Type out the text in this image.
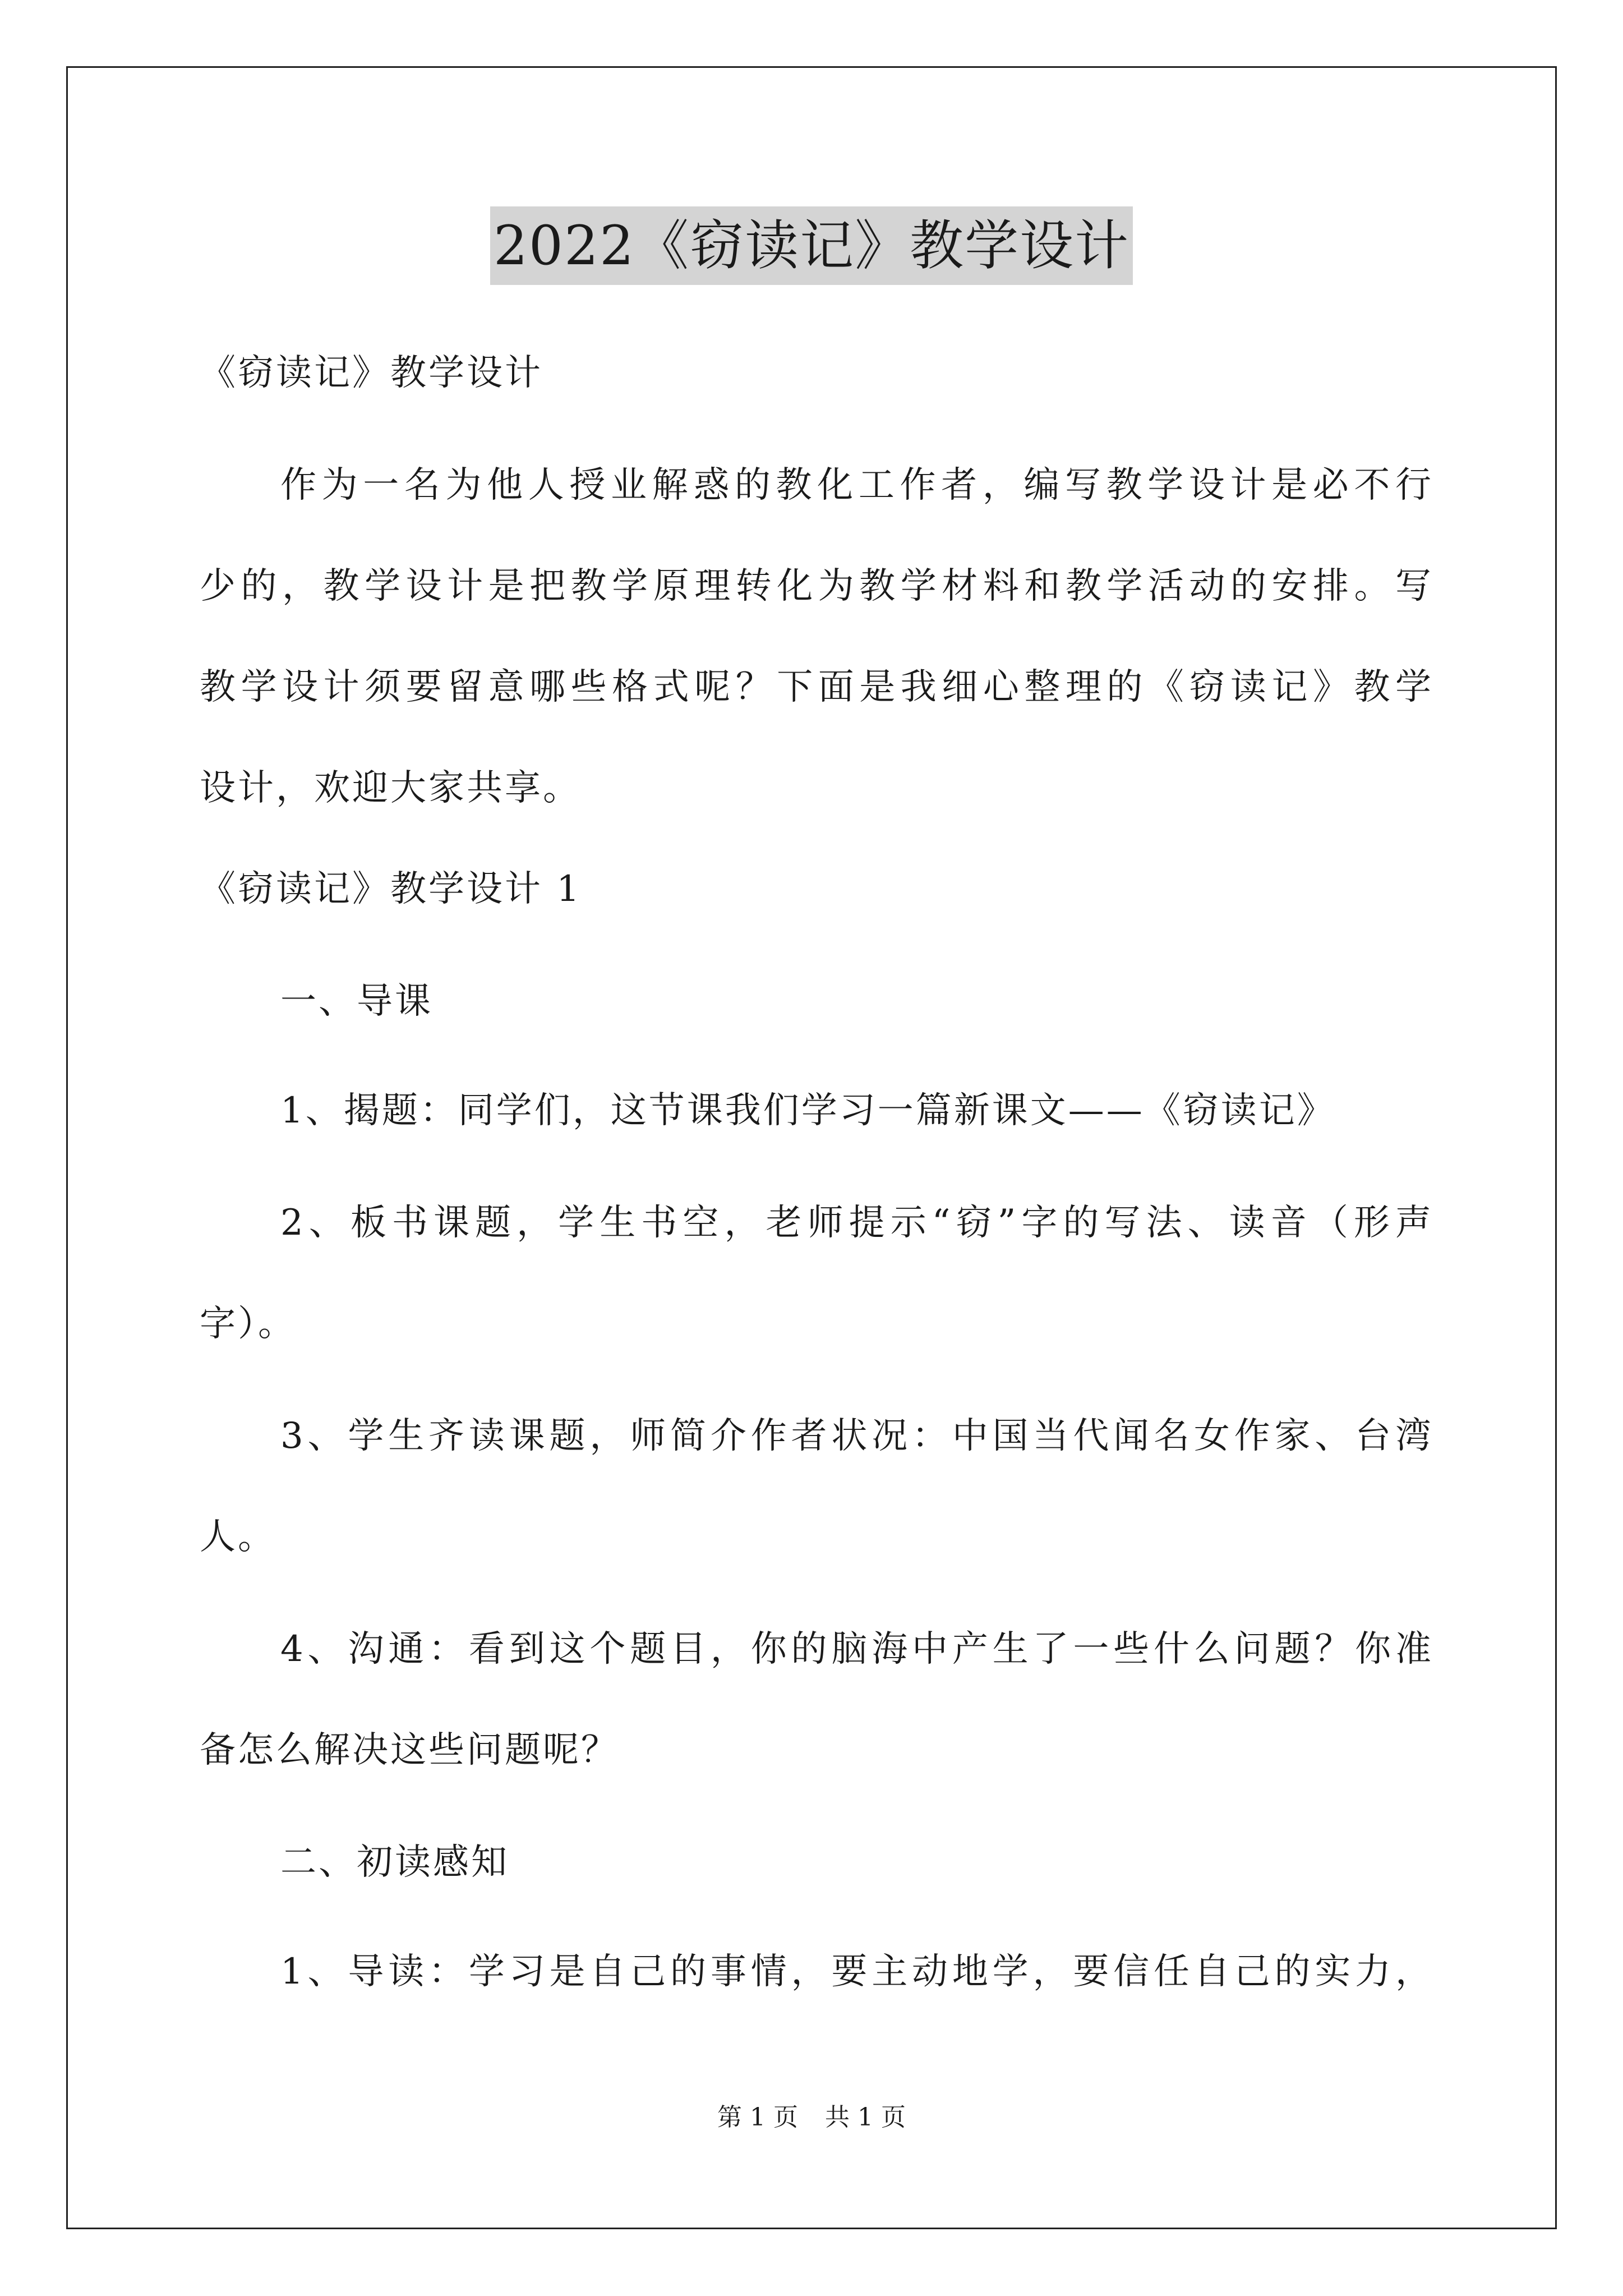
2022《窃读记》教学设计
《窃读记》教学设计
作为一名为他人授业解惑的教化工作者，编写教学设计是必不行
少的，教学设计是把教学原理转化为教学材料和教学活动的安排。写
教学设计须要留意哪些格式呢？下面是我细心整理的《窃读记》教学
设计，欢迎大家共享。
《窃读记》教学设计 1
一、导课
1、揭题：同学们，这节课我们学习一篇新课文——《窃读记》
2、板书课题，学生书空，老师提示“窃”字的写法、读音（形声
字）。
3、学生齐读课题，师简介作者状况：中国当代闻名女作家、台湾
人。
4、沟通：看到这个题目，你的脑海中产生了一些什么问题？你准
备怎么解决这些问题呢？
二、初读感知
1、导读：学习是自己的事情，要主动地学，要信任自己的实力，
第 1 页 共 1 页
